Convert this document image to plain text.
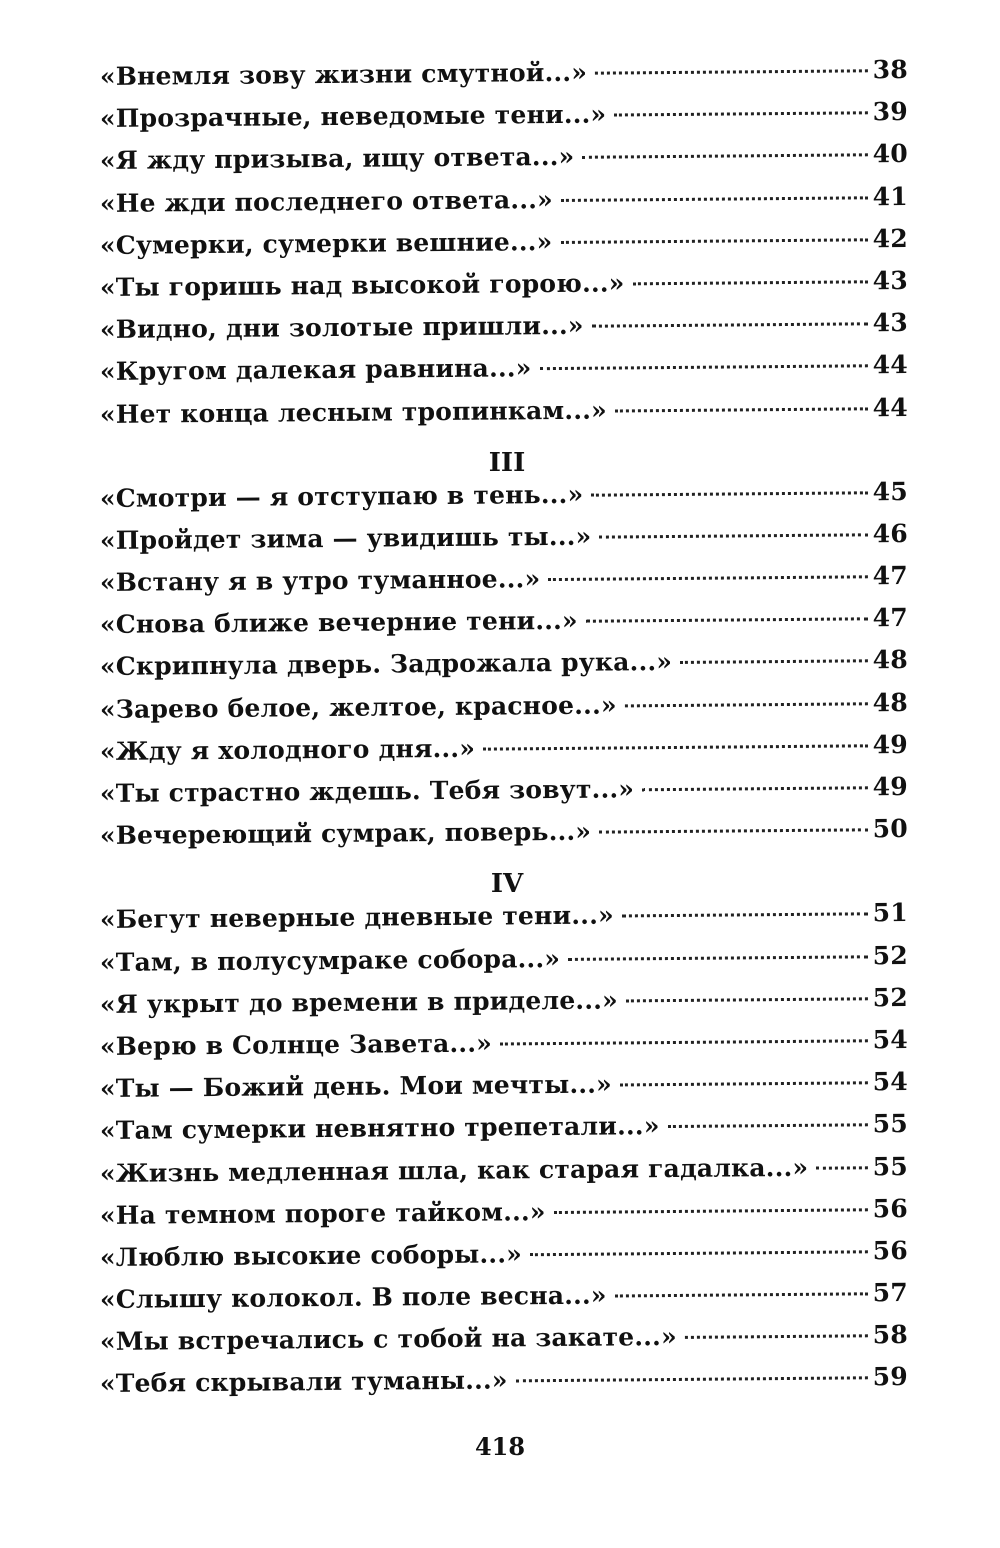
«Внемля зову жизни смутной...»	38
«Прозрачные, неведомые тени...»	39
«Я жду призыва, ищу ответа...»	40
«Не жди последнего ответа...»	41
«Сумерки, сумерки вешние...»	42
«Ты горишь над высокой горою...»	43
«Видно, дни золотые пришли...»	43
«Кругом далекая равнина...»	44
«Нет конца лесным тропинкам...»	44
III
«Смотри — я отступаю в тень...»	45
«Пройдет зима — увидишь ты...»	46
«Встану я в утро туманное...»	47
«Снова ближе вечерние тени...»	47
«Скрипнула дверь. Задрожала рука...»	48
«Зарево белое, желтое, красное...»	48
«Жду я холодного дня...»	49
«Ты страстно ждешь. Тебя зовут...»	49
«Вечереющий сумрак, поверь...»	50
IV
«Бегут неверные дневные тени...»	51
«Там, в полусумраке собора...»	52
«Я укрыт до времени в приделе...»	52
«Верю в Солнце Завета...»	54
«Ты — Божий день. Мои мечты...»	54
«Там сумерки невнятно трепетали...»	55
«Жизнь медленная шла, как старая гадалка...»	55
«На темном пороге тайком...»	56
«Люблю высокие соборы...»	56
«Слышу колокол. В поле весна...»	57
«Мы встречались с тобой на закате...»	58
«Тебя скрывали туманы...»	59
418
